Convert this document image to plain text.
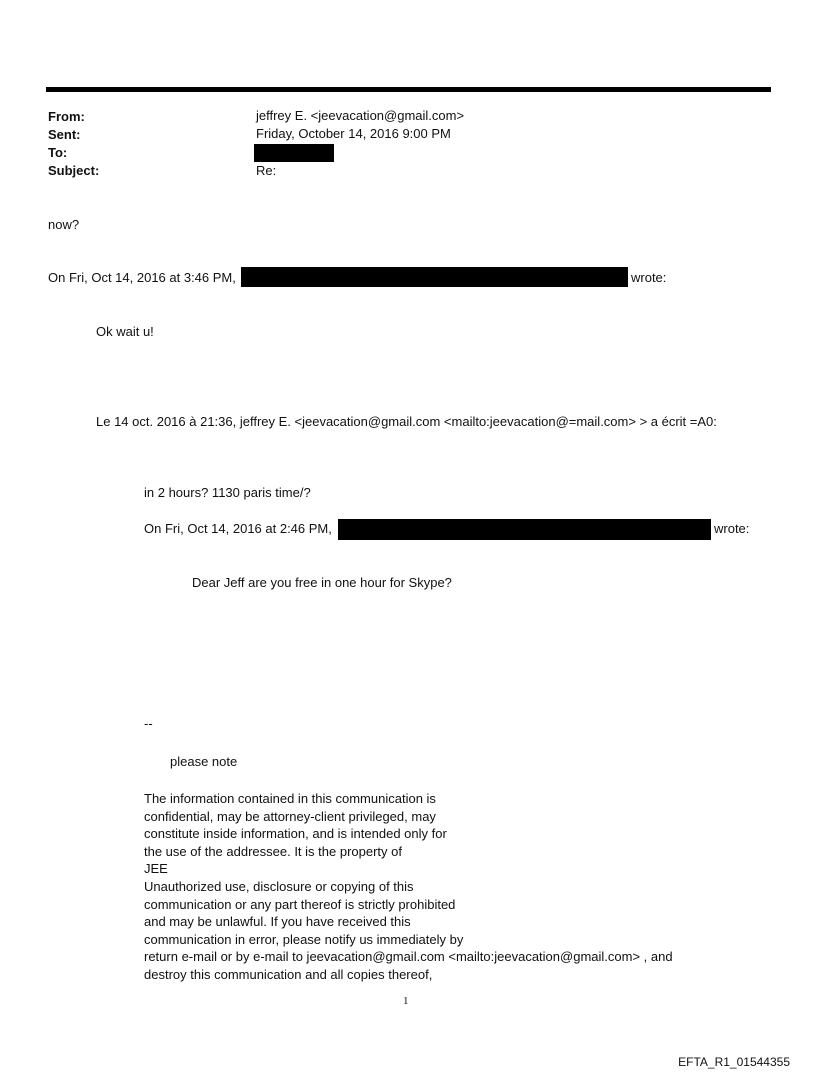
From:	jeffrey E. <jeevacation@gmail.com>
Sent:	Friday, October 14, 2016 9:00 PM
To:
Subject:	Re:
now?
On Fri, Oct 14, 2016 at 3:46 PM,	wrote:
Ok wait u!
Le 14 oct. 2016 à 21:36, jeffrey E. <jeevacation@gmail.com <mailto:jeevacation@=mail.com> > a écrit =A0:
in 2 hours? 1130 paris time/?
On Fri, Oct 14, 2016 at 2:46 PM,	wrote:
Dear Jeff are you free in one hour for Skype?
--
please note
The information contained in this communication is
confidential, may be attorney-client privileged, may
constitute inside information, and is intended only for
the use of the addressee. It is the property of
JEE
Unauthorized use, disclosure or copying of this
communication or any part thereof is strictly prohibited
and may be unlawful. If you have received this
communication in error, please notify us immediately by
return e-mail or by e-mail to jeevacation@gmail.com <mailto:jeevacation@gmail.com> , and
destroy this communication and all copies thereof,
1
EFTA_R1_01544355
